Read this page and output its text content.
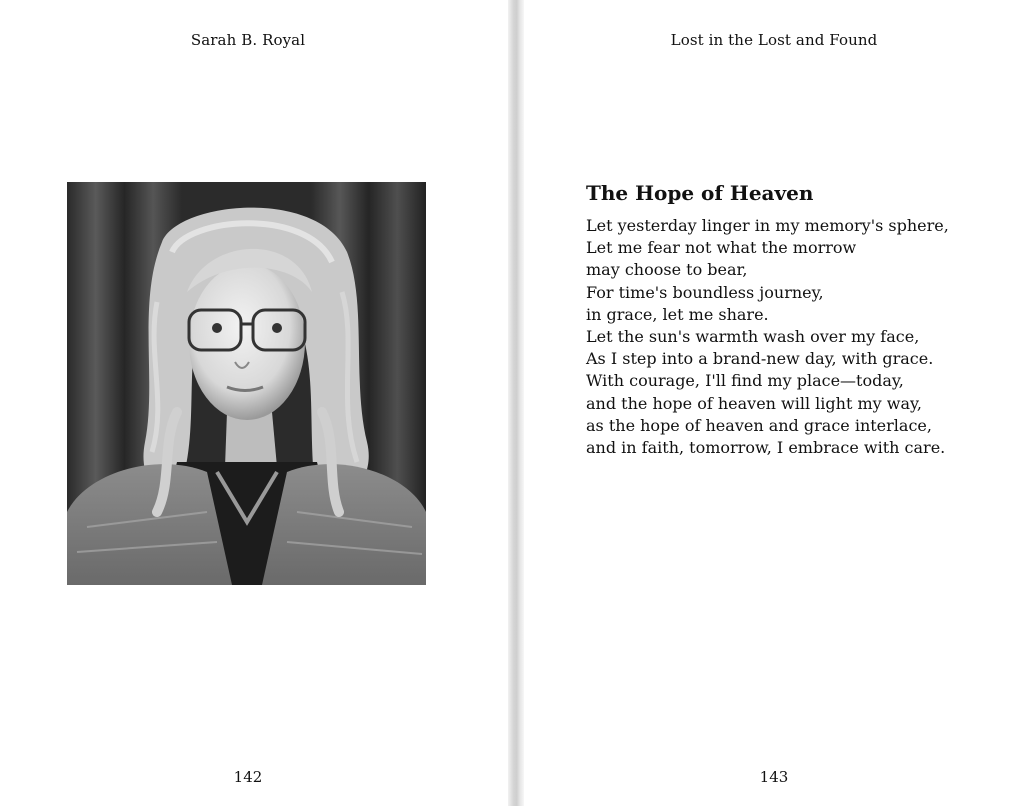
Sarah B. Royal
142
Lost in the Lost and Found
The Hope of Heaven
Let yesterday linger in my memory's sphere,
Let me fear not what the morrow
may choose to bear,
For time's boundless journey,
in grace, let me share.
Let the sun's warmth wash over my face,
As I step into a brand-new day, with grace.
With courage, I'll find my place—today,
and the hope of heaven will light my way,
as the hope of heaven and grace interlace,
and in faith, tomorrow, I embrace with care.
143
